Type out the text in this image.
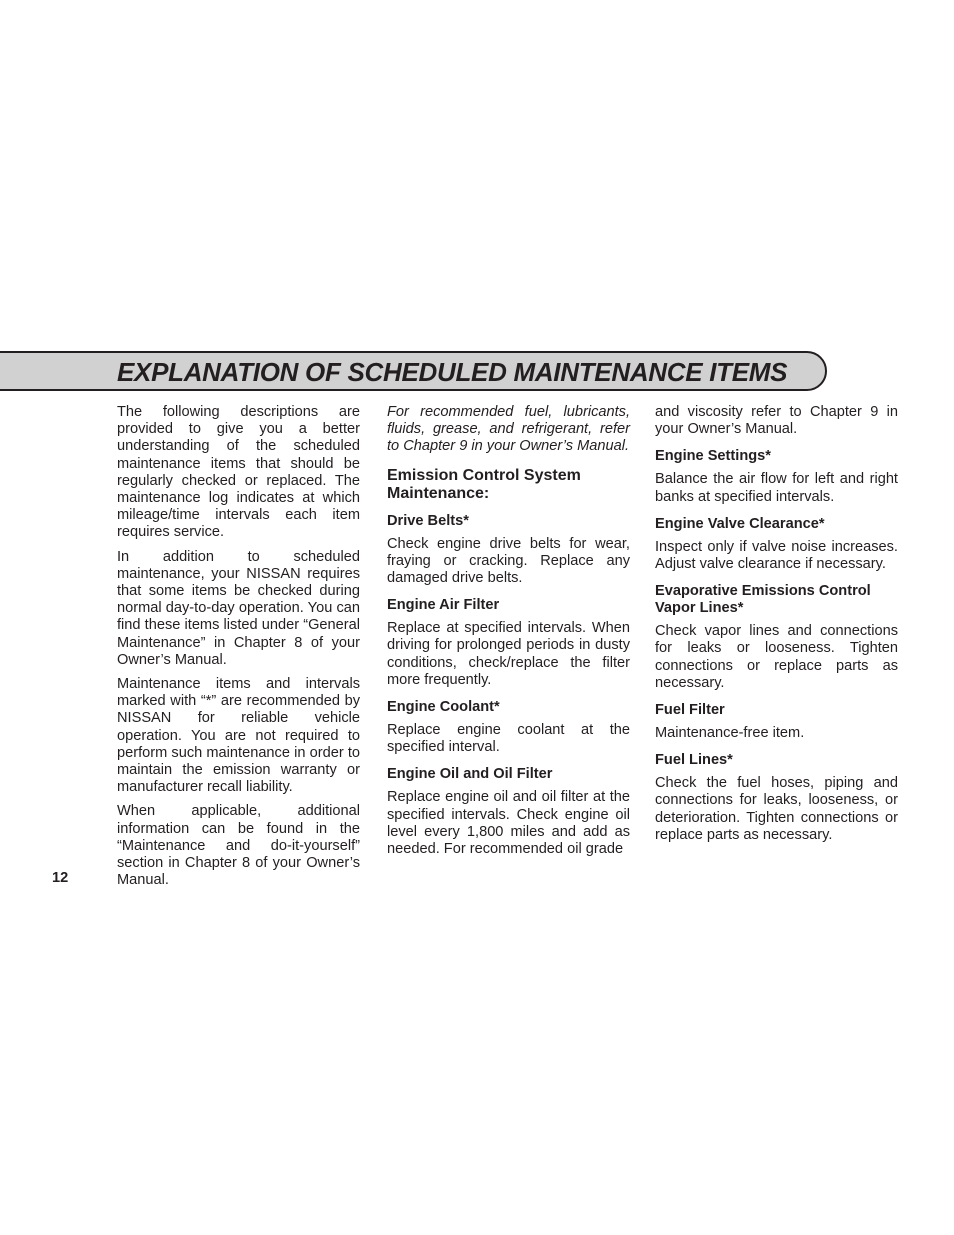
EXPLANATION OF SCHEDULED MAINTENANCE ITEMS

The following descriptions are provided to give you a better understanding of the scheduled maintenance items that should be regularly checked or replaced. The maintenance log indicates at which mileage/time intervals each item requires service.

In addition to scheduled maintenance, your NISSAN requires that some items be checked during normal day-to-day operation. You can find these items listed under “General Maintenance” in Chapter 8 of your Owner’s Manual.

Maintenance items and intervals marked with “*” are recommended by NISSAN for reliable vehicle operation. You are not required to perform such maintenance in order to maintain the emission warranty or manufacturer recall liability.

When applicable, additional information can be found in the “Maintenance and do-it-yourself” section in Chapter 8 of your Owner’s Manual.

For recommended fuel, lubricants, fluids, grease, and refrigerant, refer to Chapter 9 in your Owner’s Manual.

Emission Control System Maintenance:
Drive Belts*

Check engine drive belts for wear, fraying or cracking. Replace any damaged drive belts.

Engine Air Filter

Replace at specified intervals. When driving for prolonged periods in dusty conditions, check/replace the filter more frequently.

Engine Coolant*

Replace engine coolant at the specified interval.

Engine Oil and Oil Filter

Replace engine oil and oil filter at the specified intervals. Check engine oil level every 1,800 miles and add as needed. For recommended oil grade

and viscosity refer to Chapter 9 in your Owner’s Manual.

Engine Settings*

Balance the air flow for left and right banks at specified intervals.

Engine Valve Clearance*

Inspect only if valve noise increases. Adjust valve clearance if necessary.

Evaporative Emissions Control Vapor Lines*

Check vapor lines and connections for leaks or looseness. Tighten connections or replace parts as necessary.

Fuel Filter

Maintenance-free item.

Fuel Lines*

Check the fuel hoses, piping and connections for leaks, looseness, or deterioration. Tighten connections or replace parts as necessary.

12
